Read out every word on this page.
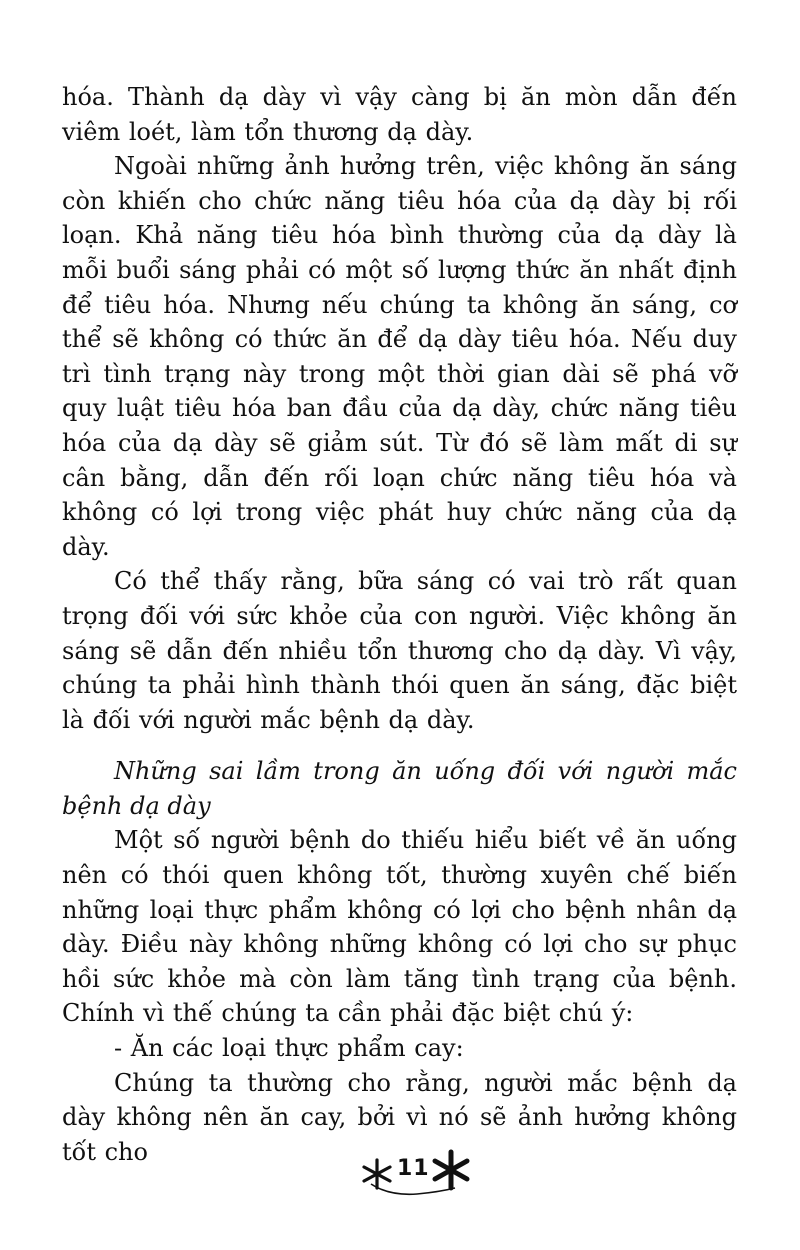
hóa. Thành dạ dày vì vậy càng bị ăn mòn dẫn đến viêm loét, làm tổn thương dạ dày.

Ngoài những ảnh hưởng trên, việc không ăn sáng còn khiến cho chức năng tiêu hóa của dạ dày bị rối loạn. Khả năng tiêu hóa bình thường của dạ dày là mỗi buổi sáng phải có một số lượng thức ăn nhất định để tiêu hóa. Nhưng nếu chúng ta không ăn sáng, cơ thể sẽ không có thức ăn để dạ dày tiêu hóa. Nếu duy trì tình trạng này trong một thời gian dài sẽ phá vỡ quy luật tiêu hóa ban đầu của dạ dày, chức năng tiêu hóa của dạ dày sẽ giảm sút. Từ đó sẽ làm mất di sự cân bằng, dẫn đến rối loạn chức năng tiêu hóa và không có lợi trong việc phát huy chức năng của dạ dày.

Có thể thấy rằng, bữa sáng có vai trò rất quan trọng đối với sức khỏe của con người. Việc không ăn sáng sẽ dẫn đến nhiều tổn thương cho dạ dày. Vì vậy, chúng ta phải hình thành thói quen ăn sáng, đặc biệt là đối với người mắc bệnh dạ dày.

Những sai lầm trong ăn uống đối với người mắc bệnh dạ dày

Một số người bệnh do thiếu hiểu biết về ăn uống nên có thói quen không tốt, thường xuyên chế biến những loại thực phẩm không có lợi cho bệnh nhân dạ dày. Điều này không những không có lợi cho sự phục hồi sức khỏe mà còn làm tăng tình trạng của bệnh. Chính vì thế chúng ta cần phải đặc biệt chú ý:

- Ăn các loại thực phẩm cay:

Chúng ta thường cho rằng, người mắc bệnh dạ dày không nên ăn cay, bởi vì nó sẽ ảnh hưởng không tốt cho

11
